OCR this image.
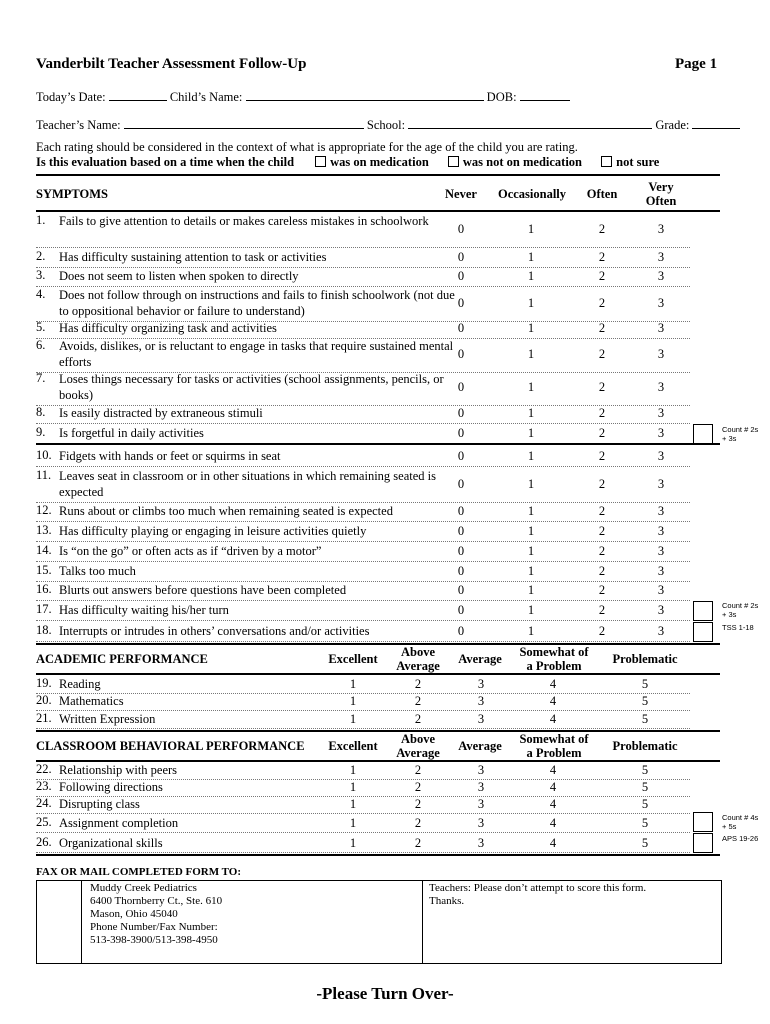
Vanderbilt Teacher Assessment Follow-Up	Page 1
Today’s Date:	Child’s Name:	DOB:
Teacher’s Name:	School:	Grade:
Each rating should be considered in the context of what is appropriate for the age of the child you are rating.
Is this evaluation based on a time when the child	was on medication	was not on medication	not sure
SYMPTOMS	Never	Occasionally	Often	Very
Often
1. Fails to give attention to details or makes careless mistakes in schoolwork
0	1	2	3
2. Has difficulty sustaining attention to task or activities	0	1	2	3
3. Does not seem to listen when spoken to directly	0	1	2	3
4. Does not follow through on instructions and fails to finish schoolwork (not due to oppositional behavior or failure to understand)
0	1	2	3
5. Has difficulty organizing task and activities	0	1	2	3
6. Avoids, dislikes, or is reluctant to engage in tasks that require sustained mental efforts
0	1	2	3
7. Loses things necessary for tasks or activities (school assignments, pencils, or books)
0	1	2	3
8. Is easily distracted by extraneous stimuli	0	1	2	3
9. Is forgetful in daily activities	0	1	2	3
10. Fidgets with hands or feet or squirms in seat	0	1	2	3
11. Leaves seat in classroom or in other situations in which remaining seated is expected
0	1	2	3
12. Runs about or climbs too much when remaining seated is expected	0	1	2	3
13. Has difficulty playing or engaging in leisure activities quietly	0	1	2	3
14. Is “on the go” or often acts as if “driven by a motor”	0	1	2	3
15. Talks too much	0	1	2	3
16. Blurts out answers before questions have been completed	0	1	2	3
17. Has difficulty waiting his/her turn	0	1	2	3
18. Interrupts or intrudes in others’ conversations and/or activities	0	1	2	3
Count # 2s + 3s
Count # 2s + 3s
TSS 1-18
ACADEMIC PERFORMANCE	Excellent	Above
Average	Average	Somewhat of
a Problem	Problematic
19. Reading	1	2	3	4	5
20. Mathematics	1	2	3	4	5
21. Written Expression	1	2	3	4	5
CLASSROOM BEHAVIORAL PERFORMANCE	Excellent	Above
Average	Average	Somewhat of
a Problem	Problematic
22. Relationship with peers	1	2	3	4	5
23. Following directions	1	2	3	4	5
24. Disrupting class	1	2	3	4	5
25. Assignment completion	1	2	3	4	5
26. Organizational skills	1	2	3	4	5
Count # 4s + 5s
APS 19-26
FAX OR MAIL COMPLETED FORM TO:
Muddy Creek Pediatrics
6400 Thornberry Ct., Ste. 610
Mason, Ohio 45040
Phone Number/Fax Number:
513-398-3900/513-398-4950
Teachers: Please don’t attempt to score this form.
Thanks.
-Please Turn Over-
